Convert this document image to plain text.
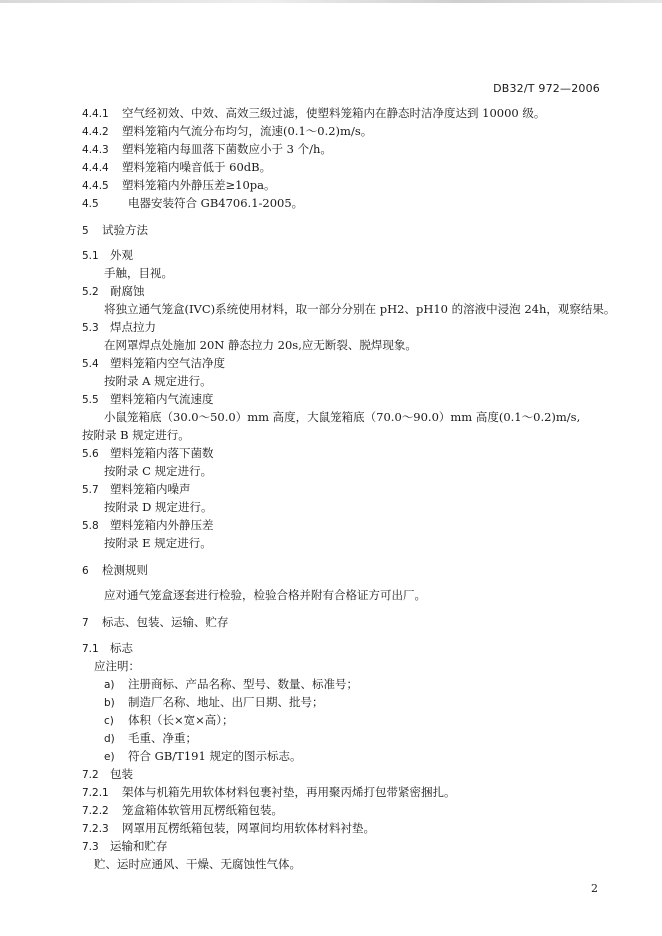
DB32/T 972—2006
4.4.1 空气经初效、中效、高效三级过滤，使塑料笼箱内在静态时洁净度达到 10000 级。
4.4.2 塑料笼箱内气流分布均匀，流速(0.1～0.2)m/s。
4.4.3 塑料笼箱内每皿落下菌数应小于 3 个/h。
4.4.4 塑料笼箱内噪音低于 60dB。
4.4.5 塑料笼箱内外静压差≥10pa。
4.5	电器安装符合 GB4706.1-2005。
5 试验方法
5.1 外观
手触，目视。
5.2 耐腐蚀
将独立通气笼盒(IVC)系统使用材料，取一部分分别在 pH2、pH10 的溶液中浸泡 24h，观察结果。
5.3 焊点拉力
在网罩焊点处施加 20N 静态拉力 20s,应无断裂、脱焊现象。
5.4 塑料笼箱内空气洁净度
按附录 A 规定进行。
5.5 塑料笼箱内气流速度
小鼠笼箱底（30.0～50.0）mm 高度，大鼠笼箱底（70.0～90.0）mm 高度(0.1～0.2)m/s,
按附录 B 规定进行。
5.6 塑料笼箱内落下菌数
按附录 C 规定进行。
5.7 塑料笼箱内噪声
按附录 D 规定进行。
5.8 塑料笼箱内外静压差
按附录 E 规定进行。
6 检测规则
应对通气笼盒逐套进行检验，检验合格并附有合格证方可出厂。
7 标志、包装、运输、贮存
7.1 标志
应注明：
a) 注册商标、产品名称、型号、数量、标准号；
b) 制造厂名称、地址、出厂日期、批号；
c) 体积（长×宽×高）；
d) 毛重、净重；
e) 符合 GB/T191 规定的图示标志。
7.2 包装
7.2.1 架体与机箱先用软体材料包裹衬垫，再用聚丙烯打包带紧密捆扎。
7.2.2 笼盒箱体软管用瓦楞纸箱包装。
7.2.3 网罩用瓦楞纸箱包装，网罩间均用软体材料衬垫。
7.3 运输和贮存
贮、运时应通风、干燥、无腐蚀性气体。
2
